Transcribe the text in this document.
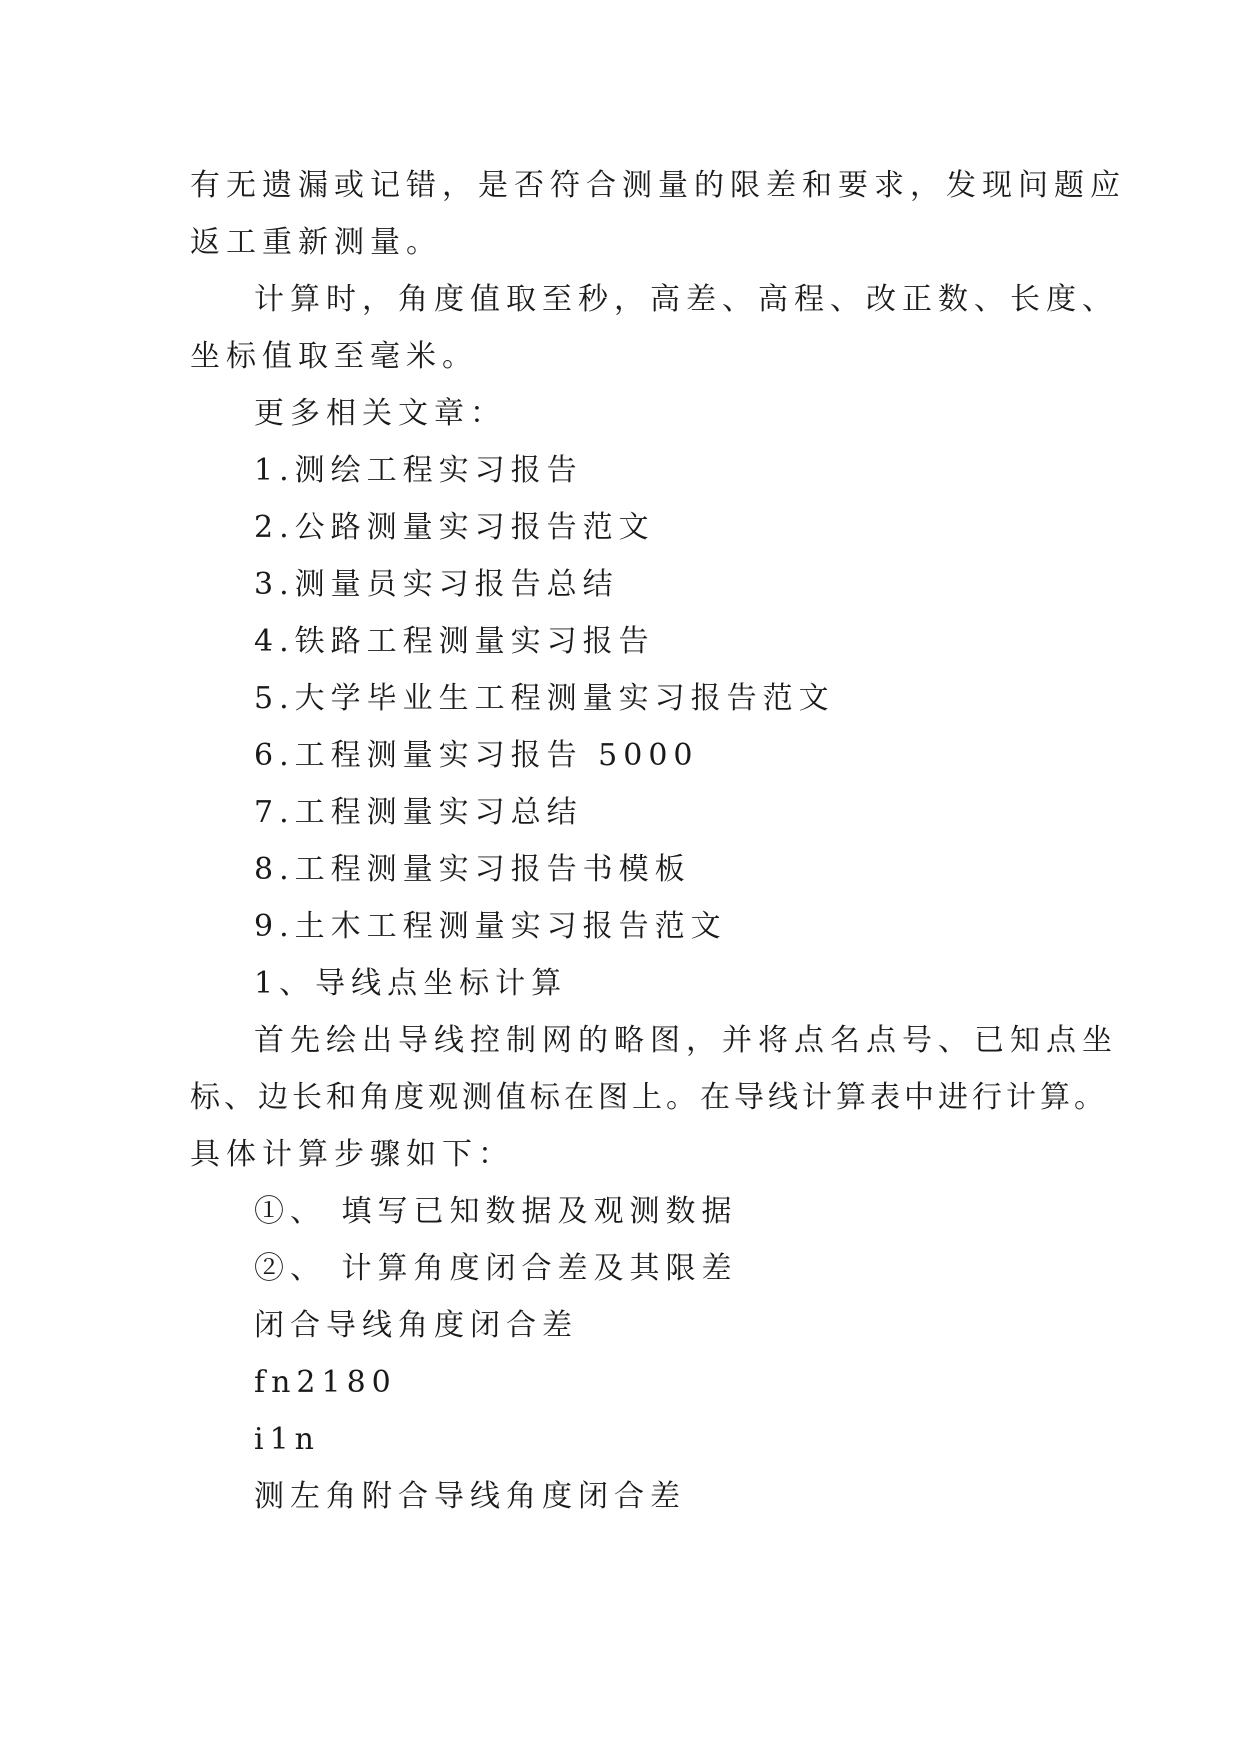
有无遗漏或记错，是否符合测量的限差和要求，发现问题应
返工重新测量。
计算时，角度值取至秒，高差、高程、改正数、长度、
坐标值取至毫米。
更多相关文章：
1.测绘工程实习报告
2.公路测量实习报告范文
3.测量员实习报告总结
4.铁路工程测量实习报告
5.大学毕业生工程测量实习报告范文
6.工程测量实习报告 5000
7.工程测量实习总结
8.工程测量实习报告书模板
9.土木工程测量实习报告范文
1、导线点坐标计算
首先绘出导线控制网的略图，并将点名点号、已知点坐
标、边长和角度观测值标在图上。在导线计算表中进行计算。
具体计算步骤如下：
①、 填写已知数据及观测数据
②、 计算角度闭合差及其限差
闭合导线角度闭合差
fn2180
i1n
测左角附合导线角度闭合差
